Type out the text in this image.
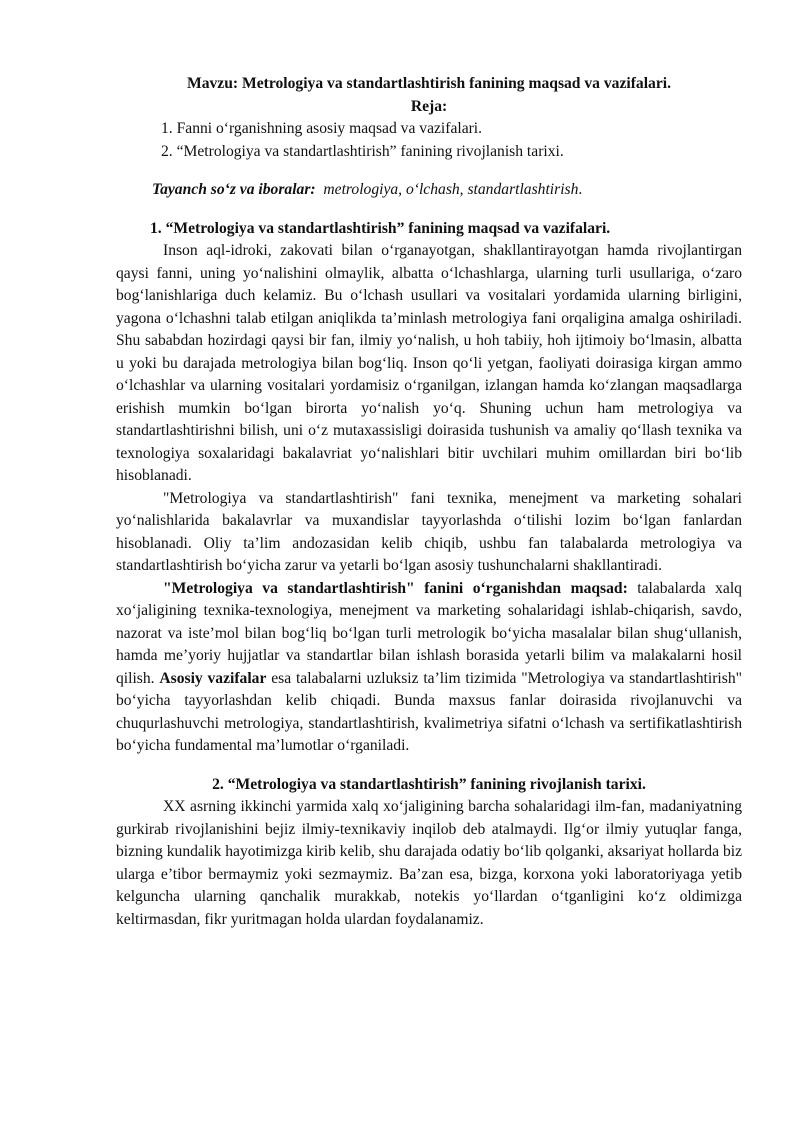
Mavzu: Metrologiya va standartlashtirish fanining maqsad va vazifalari.

Reja:

1. Fanni o‘rganishning asosiy maqsad va vazifalari.

2. “Metrologiya va standartlashtirish” fanining rivojlanish tarixi.

Tayanch so‘z va iboralar: metrologiya, o‘lchash, standartlashtirish.

1. “Metrologiya va standartlashtirish” fanining maqsad va vazifalari.

Inson aql-idroki, zakovati bilan o‘rganayotgan, shakllantirayotgan hamda rivojlantirgan qaysi fanni, uning yo‘nalishini olmaylik, albatta o‘lchashlarga, ularning turli usullariga, o‘zaro bog‘lanishlariga duch kelamiz. Bu o‘lchash usullari va vositalari yordamida ularning birligini, yagona o‘lchashni talab etilgan aniqlikda ta’minlash metrologiya fani orqaligina amalga oshiriladi. Shu sababdan hozirdagi qaysi bir fan, ilmiy yo‘nalish, u hoh tabiiy, hoh ijtimoiy bo‘lmasin, albatta u yoki bu darajada metrologiya bilan bog‘liq. Inson qo‘li yetgan, faoliyati doirasiga kirgan ammo o‘lchashlar va ularning vositalari yordamisiz o‘rganilgan, izlangan hamda ko‘zlangan maqsadlarga erishish mumkin bo‘lgan birorta yo‘nalish yo‘q. Shuning uchun ham metrologiya va standartlashtirishni bilish, uni o‘z mutaxassisligi doirasida tushunish va amaliy qo‘llash texnika va texnologiya soxalaridagi bakalavriat yo‘nalishlari bitir uvchilari muhim omillardan biri bo‘lib hisoblanadi.

"Metrologiya va standartlashtirish" fani texnika, menejment va marketing sohalari yo‘nalishlarida bakalavrlar va muxandislar tayyorlashda o‘tilishi lozim bo‘lgan fanlardan hisoblanadi. Oliy ta’lim andozasidan kelib chiqib, ushbu fan talabalarda metrologiya va standartlashtirish bo‘yicha zarur va yetarli bo‘lgan asosiy tushunchalarni shakllantiradi.

"Metrologiya va standartlashtirish" fanini o‘rganishdan maqsad: talabalarda xalq xo‘jaligining texnika-texnologiya, menejment va marketing sohalaridagi ishlab-chiqarish, savdo, nazorat va iste’mol bilan bog‘liq bo‘lgan turli metrologik bo‘yicha masalalar bilan shug‘ullanish, hamda me’yoriy hujjatlar va standartlar bilan ishlash borasida yetarli bilim va malakalarni hosil qilish. Asosiy vazifalar esa talabalarni uzluksiz ta’lim tizimida "Metrologiya va standartlashtirish" bo‘yicha tayyorlashdan kelib chiqadi. Bunda maxsus fanlar doirasida rivojlanuvchi va chuqurlashuvchi metrologiya, standartlashtirish, kvalimetriya sifatni o‘lchash va sertifikatlashtirish bo‘yicha fundamental ma’lumotlar o‘rganiladi.

2. “Metrologiya va standartlashtirish” fanining rivojlanish tarixi.

XX asrning ikkinchi yarmida xalq xo‘jaligining barcha sohalaridagi ilm-fan, madaniyatning gurkirab rivojlanishini bejiz ilmiy-texnikaviy inqilob deb atalmaydi. Ilg‘or ilmiy yutuqlar fanga, bizning kundalik hayotimizga kirib kelib, shu darajada odatiy bo‘lib qolganki, aksariyat hollarda biz ularga e’tibor bermaymiz yoki sezmaymiz. Ba’zan esa, bizga, korxona yoki laboratoriyaga yetib kelguncha ularning qanchalik murakkab, notekis yo‘llardan o‘tganligini ko‘z oldimizga keltirmasdan, fikr yuritmagan holda ulardan foydalanamiz.
